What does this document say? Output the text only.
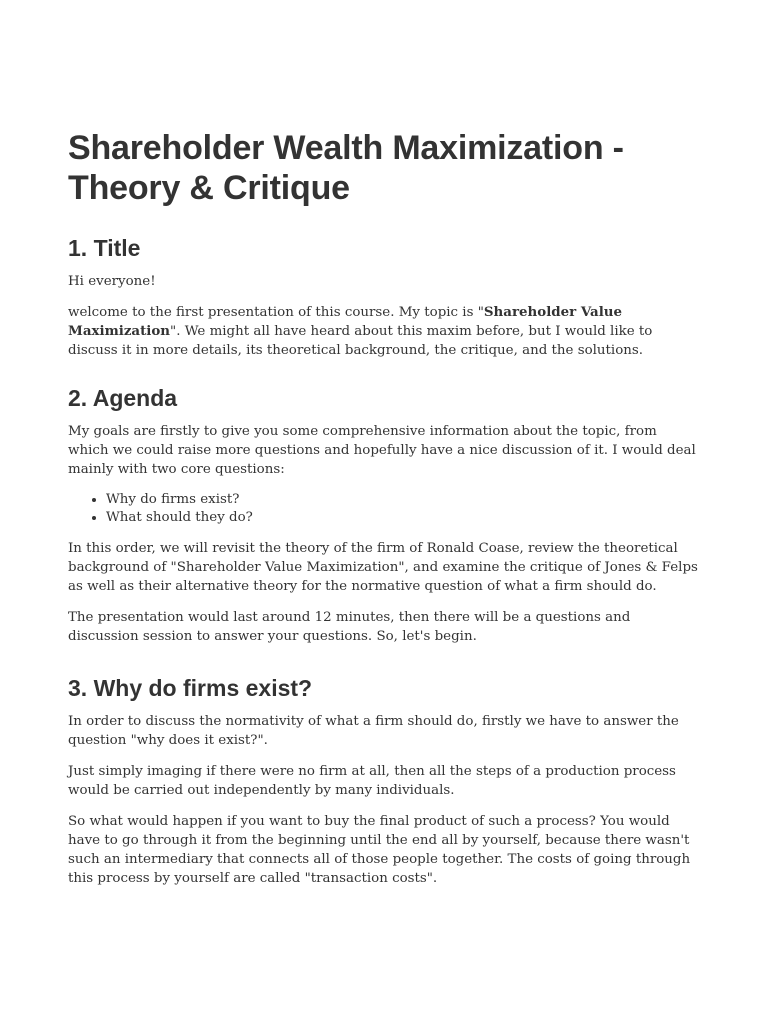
Shareholder Wealth Maximization - Theory & Critique
1. Title

Hi everyone!

welcome to the first presentation of this course. My topic is "Shareholder Value Maximization". We might all have heard about this maxim before, but I would like to discuss it in more details, its theoretical background, the critique, and the solutions.

2. Agenda

My goals are firstly to give you some comprehensive information about the topic, from which we could raise more questions and hopefully have a nice discussion of it. I would deal mainly with two core questions:

• Why do firms exist?
• What should they do?

In this order, we will revisit the theory of the firm of Ronald Coase, review the theoretical background of "Shareholder Value Maximization", and examine the critique of Jones & Felps as well as their alternative theory for the normative question of what a firm should do.

The presentation would last around 12 minutes, then there will be a questions and discussion session to answer your questions. So, let's begin.

3. Why do firms exist?

In order to discuss the normativity of what a firm should do, firstly we have to answer the question "why does it exist?".

Just simply imaging if there were no firm at all, then all the steps of a production process would be carried out independently by many individuals.

So what would happen if you want to buy the final product of such a process? You would have to go through it from the beginning until the end all by yourself, because there wasn't such an intermediary that connects all of those people together. The costs of going through this process by yourself are called "transaction costs".
